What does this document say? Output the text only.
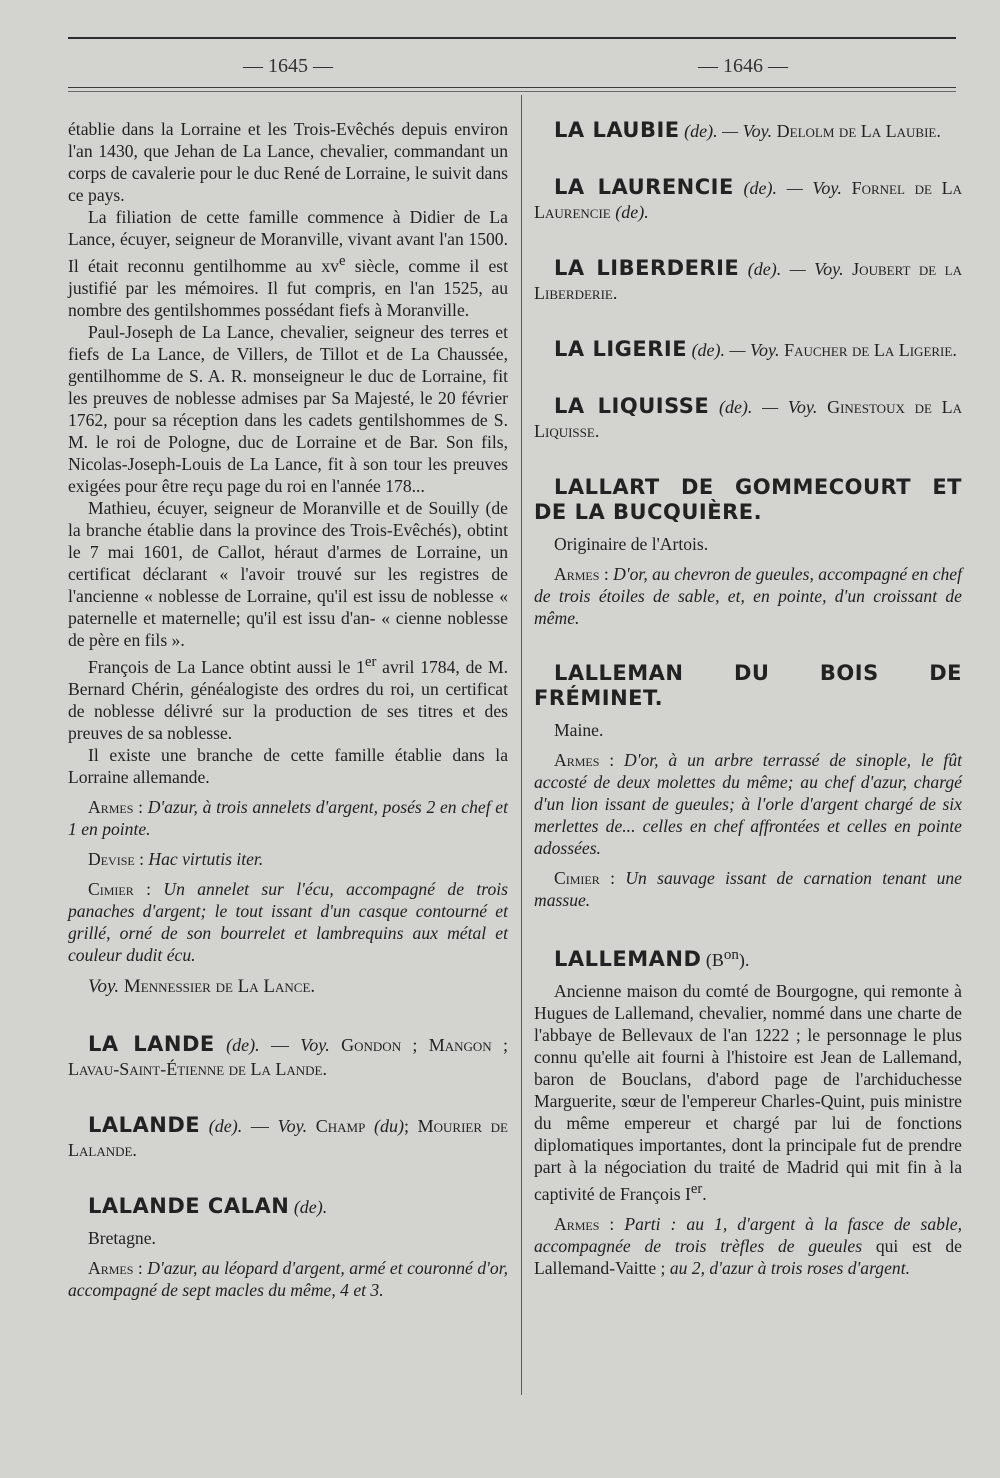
— 1645 —	— 1646 —

établie dans la Lorraine et les Trois-Evêchés depuis environ l'an 1430, que Jehan de La Lance, chevalier, commandant un corps de cavalerie pour le duc René de Lorraine, le suivit dans ce pays.

La filiation de cette famille commence à Didier de La Lance, écuyer, seigneur de Moranville, vivant avant l'an 1500. Il était reconnu gentilhomme au $xv^e$ siècle, comme il est justifié par les mémoires. Il fut compris, en l'an 1525, au nombre des gentilshommes possédant fiefs à Moranville.

Paul-Joseph de La Lance, chevalier, seigneur des terres et fiefs de La Lance, de Villers, de Tillot et de La Chaussée, gentilhomme de S. A. R. monseigneur le duc de Lorraine, fit les preuves de noblesse admises par Sa Majesté, le 20 février 1762, pour sa réception dans les cadets gentilshommes de S. M. le roi de Pologne, duc de Lorraine et de Bar. Son fils, Nicolas-Joseph-Louis de La Lance, fit à son tour les preuves exigées pour être reçu page du roi en l'année 178...

Mathieu, écuyer, seigneur de Moranville et de Souilly (de la branche établie dans la province des Trois-Evêchés), obtint le 7 mai 1601, de Callot, héraut d'armes de Lorraine, un certificat déclarant « l'avoir trouvé sur les registres de l'ancienne « noblesse de Lorraine, qu'il est issu de noblesse « paternelle et maternelle; qu'il est issu d'an- « cienne noblesse de père en fils ».

François de La Lance obtint aussi le 1er avril 1784, de M. Bernard Chérin, généalogiste des ordres du roi, un certificat de noblesse délivré sur la production de ses titres et des preuves de sa noblesse.

Il existe une branche de cette famille établie dans la Lorraine allemande.

Armes : D'azur, à trois annelets d'argent, posés 2 en chef et 1 en pointe.

Devise : Hac virtutis iter.

Cimier : Un annelet sur l'écu, accompagné de trois panaches d'argent; le tout issant d'un casque contourné et grillé, orné de son bourrelet et lambrequins aux métal et couleur dudit écu.

Voy. Mennessier de La Lance.

LA LANDE (de). — Voy. Gondon ; Mangon ; Lavau-Saint-Étienne de La Lande.

LALANDE (de). — Voy. Champ (du); Mourier de Lalande.

LALANDE CALAN (de).

Bretagne.

Armes : D'azur, au léopard d'argent, armé et couronné d'or, accompagné de sept macles du même, 4 et 3.

LA LAUBIE (de). — Voy. Delolm de La Laubie.

LA LAURENCIE (de). — Voy. Fornel de La Laurencie (de).

LA LIBERDERIE (de). — Voy. Joubert de la Liberderie.

LA LIGERIE (de). — Voy. Faucher de La Ligerie.

LA LIQUISSE (de). — Voy. Ginestoux de La Liquisse.

LALLART DE GOMMECOURT ET DE LA BUCQUIÈRE.

Originaire de l'Artois.

Armes : D'or, au chevron de gueules, accompagné en chef de trois étoiles de sable, et, en pointe, d'un croissant de même.

LALLEMAN DU BOIS DE FRÉMINET.

Maine.

Armes : D'or, à un arbre terrassé de sinople, le fût accosté de deux molettes du même; au chef d'azur, chargé d'un lion issant de gueules; à l'orle d'argent chargé de six merlettes de... celles en chef affrontées et celles en pointe adossées.

Cimier : Un sauvage issant de carnation tenant une massue.

LALLEMAND $(B^{on})$.

Ancienne maison du comté de Bourgogne, qui remonte à Hugues de Lallemand, chevalier, nommé dans une charte de l'abbaye de Bellevaux de l'an 1222 ; le personnage le plus connu qu'elle ait fourni à l'histoire est Jean de Lallemand, baron de Bouclans, d'abord page de l'archiduchesse Marguerite, sœur de l'empereur Charles-Quint, puis ministre du même empereur et chargé par lui de fonctions diplomatiques importantes, dont la principale fut de prendre part à la négociation du traité de Madrid qui mit fin à la captivité de François Ier.

Armes : Parti : au 1, d'argent à la fasce de sable, accompagnée de trois trèfles de gueules qui est de Lallemand-Vaitte ; au 2, d'azur à trois roses d'argent.
